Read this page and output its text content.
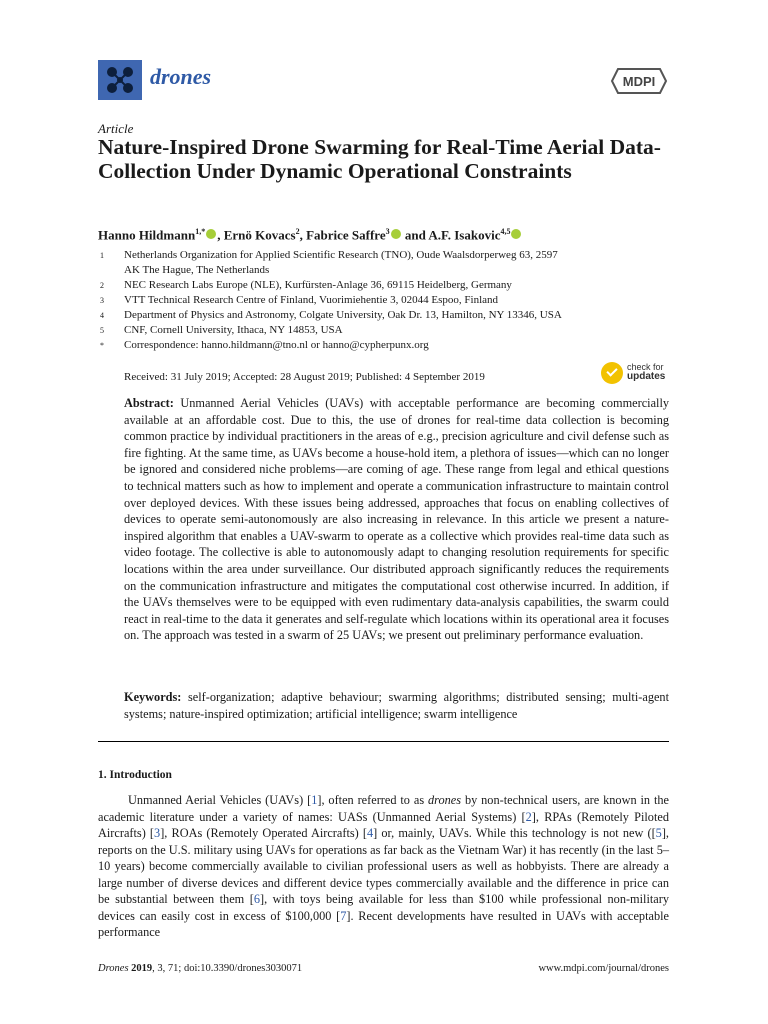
drones	MDPI
Article
Nature-Inspired Drone Swarming for Real-Time Aerial Data-Collection Under Dynamic Operational Constraints
Hanno Hildmann$^{1,*}$ , Ernö Kovacs$^2$, Fabrice Saffre$^3$ and A.F. Isakovic$^{4,5}$
1	Netherlands Organization for Applied Scientific Research (TNO), Oude Waalsdorperweg 63, 2597 AK The Hague, The Netherlands
2	NEC Research Labs Europe (NLE), Kurfürsten-Anlage 36, 69115 Heidelberg, Germany
3	VTT Technical Research Centre of Finland, Vuorimiehentie 3, 02044 Espoo, Finland
4	Department of Physics and Astronomy, Colgate University, Oak Dr. 13, Hamilton, NY 13346, USA
5	CNF, Cornell University, Ithaca, NY 14853, USA
*	Correspondence: hanno.hildmann@tno.nl or hanno@cypherpunx.org
Received: 31 July 2019; Accepted: 28 August 2019; Published: 4 September 2019
check for
updates
Abstract: Unmanned Aerial Vehicles (UAVs) with acceptable performance are becoming commercially available at an affordable cost. Due to this, the use of drones for real-time data collection is becoming common practice by individual practitioners in the areas of e.g., precision agriculture and civil defense such as fire fighting. At the same time, as UAVs become a house-hold item, a plethora of issues—which can no longer be ignored and considered niche problems—are coming of age. These range from legal and ethical questions to technical matters such as how to implement and operate a communication infrastructure to maintain control over deployed devices. With these issues being addressed, approaches that focus on enabling collectives of devices to operate semi-autonomously are also increasing in relevance. In this article we present a nature-inspired algorithm that enables a UAV-swarm to operate as a collective which provides real-time data such as video footage. The collective is able to autonomously adapt to changing resolution requirements for specific locations within the area under surveillance. Our distributed approach significantly reduces the requirements on the communication infrastructure and mitigates the computational cost otherwise incurred. In addition, if the UAVs themselves were to be equipped with even rudimentary data-analysis capabilities, the swarm could react in real-time to the data it generates and self-regulate which locations within its operational area it focuses on. The approach was tested in a swarm of 25 UAVs; we present out preliminary performance evaluation.
Keywords: self-organization; adaptive behaviour; swarming algorithms; distributed sensing; multi-agent systems; nature-inspired optimization; artificial intelligence; swarm intelligence
1. Introduction
Unmanned Aerial Vehicles (UAVs) [1], often referred to as drones by non-technical users, are known in the academic literature under a variety of names: UASs (Unmanned Aerial Systems) [2], RPAs (Remotely Piloted Aircrafts) [3], ROAs (Remotely Operated Aircrafts) [4] or, mainly, UAVs. While this technology is not new ([5], reports on the U.S. military using UAVs for operations as far back as the Vietnam War) it has recently (in the last 5–10 years) become commercially available to civilian professional users as well as hobbyists. There are already a large number of diverse devices and different device types commercially available and the difference in price can be substantial between them [6], with toys being available for less than $100 while professional non-military devices can easily cost in excess of $100,000 [7]. Recent developments have resulted in UAVs with acceptable performance
Drones 2019, 3, 71; doi:10.3390/drones3030071	www.mdpi.com/journal/drones
